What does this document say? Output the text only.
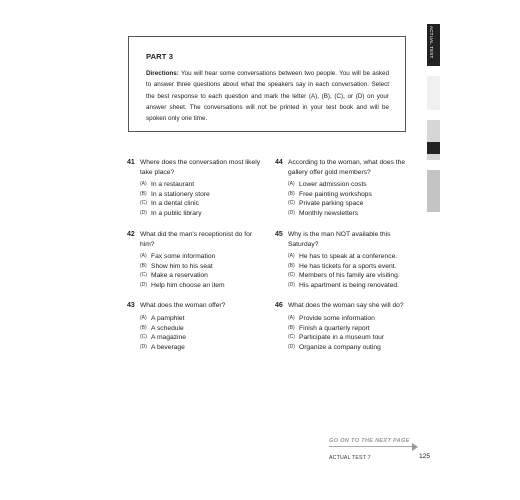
PART 3

Directions: You will hear some conversations between two people. You will be asked to answer three questions about what the speakers say in each conversation. Select the best response to each question and mark the letter (A), (B), (C), or (D) on your answer sheet. The conversations will not be printed in your test book and will be spoken only one time.

41 Where does the conversation most likely take place?
(A) In a restaurant
(B) In a stationery store
(C) In a dental clinic
(D) In a public library
42 What did the man's receptionist do for him?
(A) Fax some information
(B) Show him to his seat
(C) Make a reservation
(D) Help him choose an item
43 What does the woman offer?
(A) A pamphlet
(B) A schedule
(C) A magazine
(D) A beverage
44 According to the woman, what does the gallery offer gold members?
(A) Lower admission costs
(B) Free painting workshops
(C) Private parking space
(D) Monthly newsletters
45 Why is the man NOT available this Saturday?
(A) He has to speak at a conference.
(B) He has tickets for a sports event.
(C) Members of his family are visiting.
(D) His apartment is being renovated.
46 What does the woman say she will do?
(A) Provide some information
(B) Finish a quarterly report
(C) Participate in a museum tour
(D) Organize a company outing
ACTUAL TEST
GO ON TO THE NEXT PAGE
ACTUAL TEST 7	125
